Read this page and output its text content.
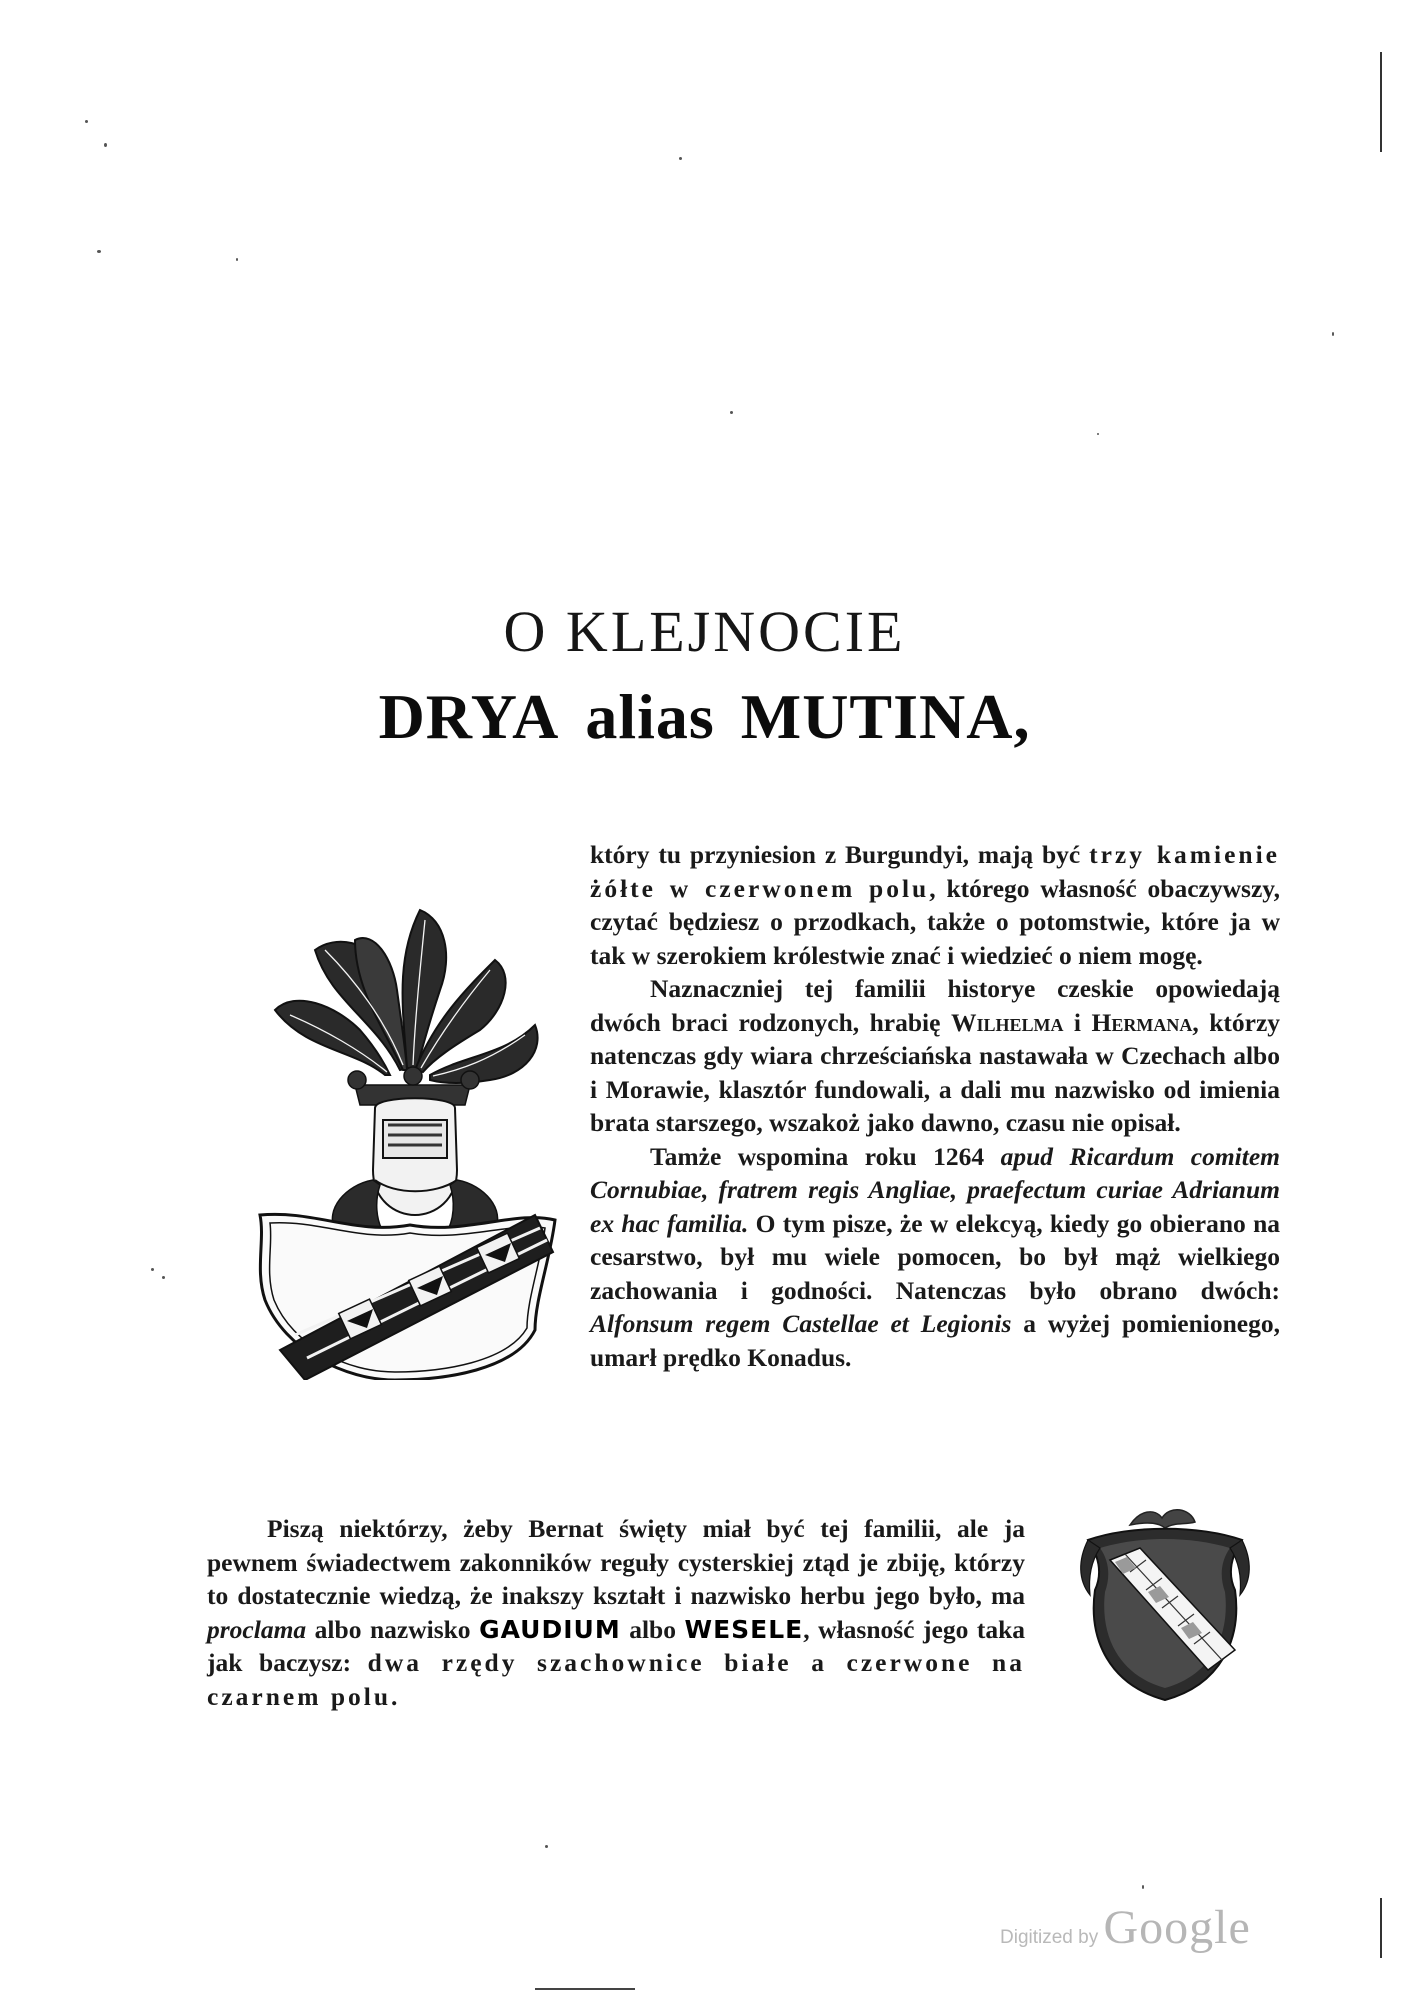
O KLEJNOCIE
DRYA alias MUTINA,

który tu przyniesion z Burgundyi, mają być trzy kamienie żółte w czerwonem polu, którego własność obaczywszy, czytać będziesz o przodkach, także o potomstwie, które ja w tak w szerokiem królestwie znać i wiedzieć o niem mogę.

Naznaczniej tej familii historye czeskie opowiedają dwóch braci rodzonych, hrabię Wilhelma i Hermana, którzy natenczas gdy wiara chrześciańska nastawała w Czechach albo i Morawie, klasztór fundowali, a dali mu nazwisko od imienia brata starszego, wszakoż jako dawno, czasu nie opisał.

Tamże wspomina roku 1264 apud Ricardum comitem Cornubiae, fratrem regis Angliae, praefectum curiae Adrianum ex hac familia. O tym pisze, że w elekcyą, kiedy go obierano na cesarstwo, był mu wiele pomocen, bo był mąż wielkiego zachowania i godności. Natenczas było obrano dwóch: Alfonsum regem Castellae et Legionis a wyżej pomienionego, umarł prędko Konadus.

Piszą niektórzy, żeby Bernat święty miał być tej familii, ale ja pewnem świadectwem zakonników reguły cysterskiej ztąd je zbiję, którzy to dostatecznie wiedzą, że inakszy kształt i nazwisko herbu jego było, ma proclama albo nazwisko GAUDIUM albo WESELE, własność jego taka jak baczysz: dwa rzędy szachownice białe a czerwone na czarnem polu.

Digitized by Google
